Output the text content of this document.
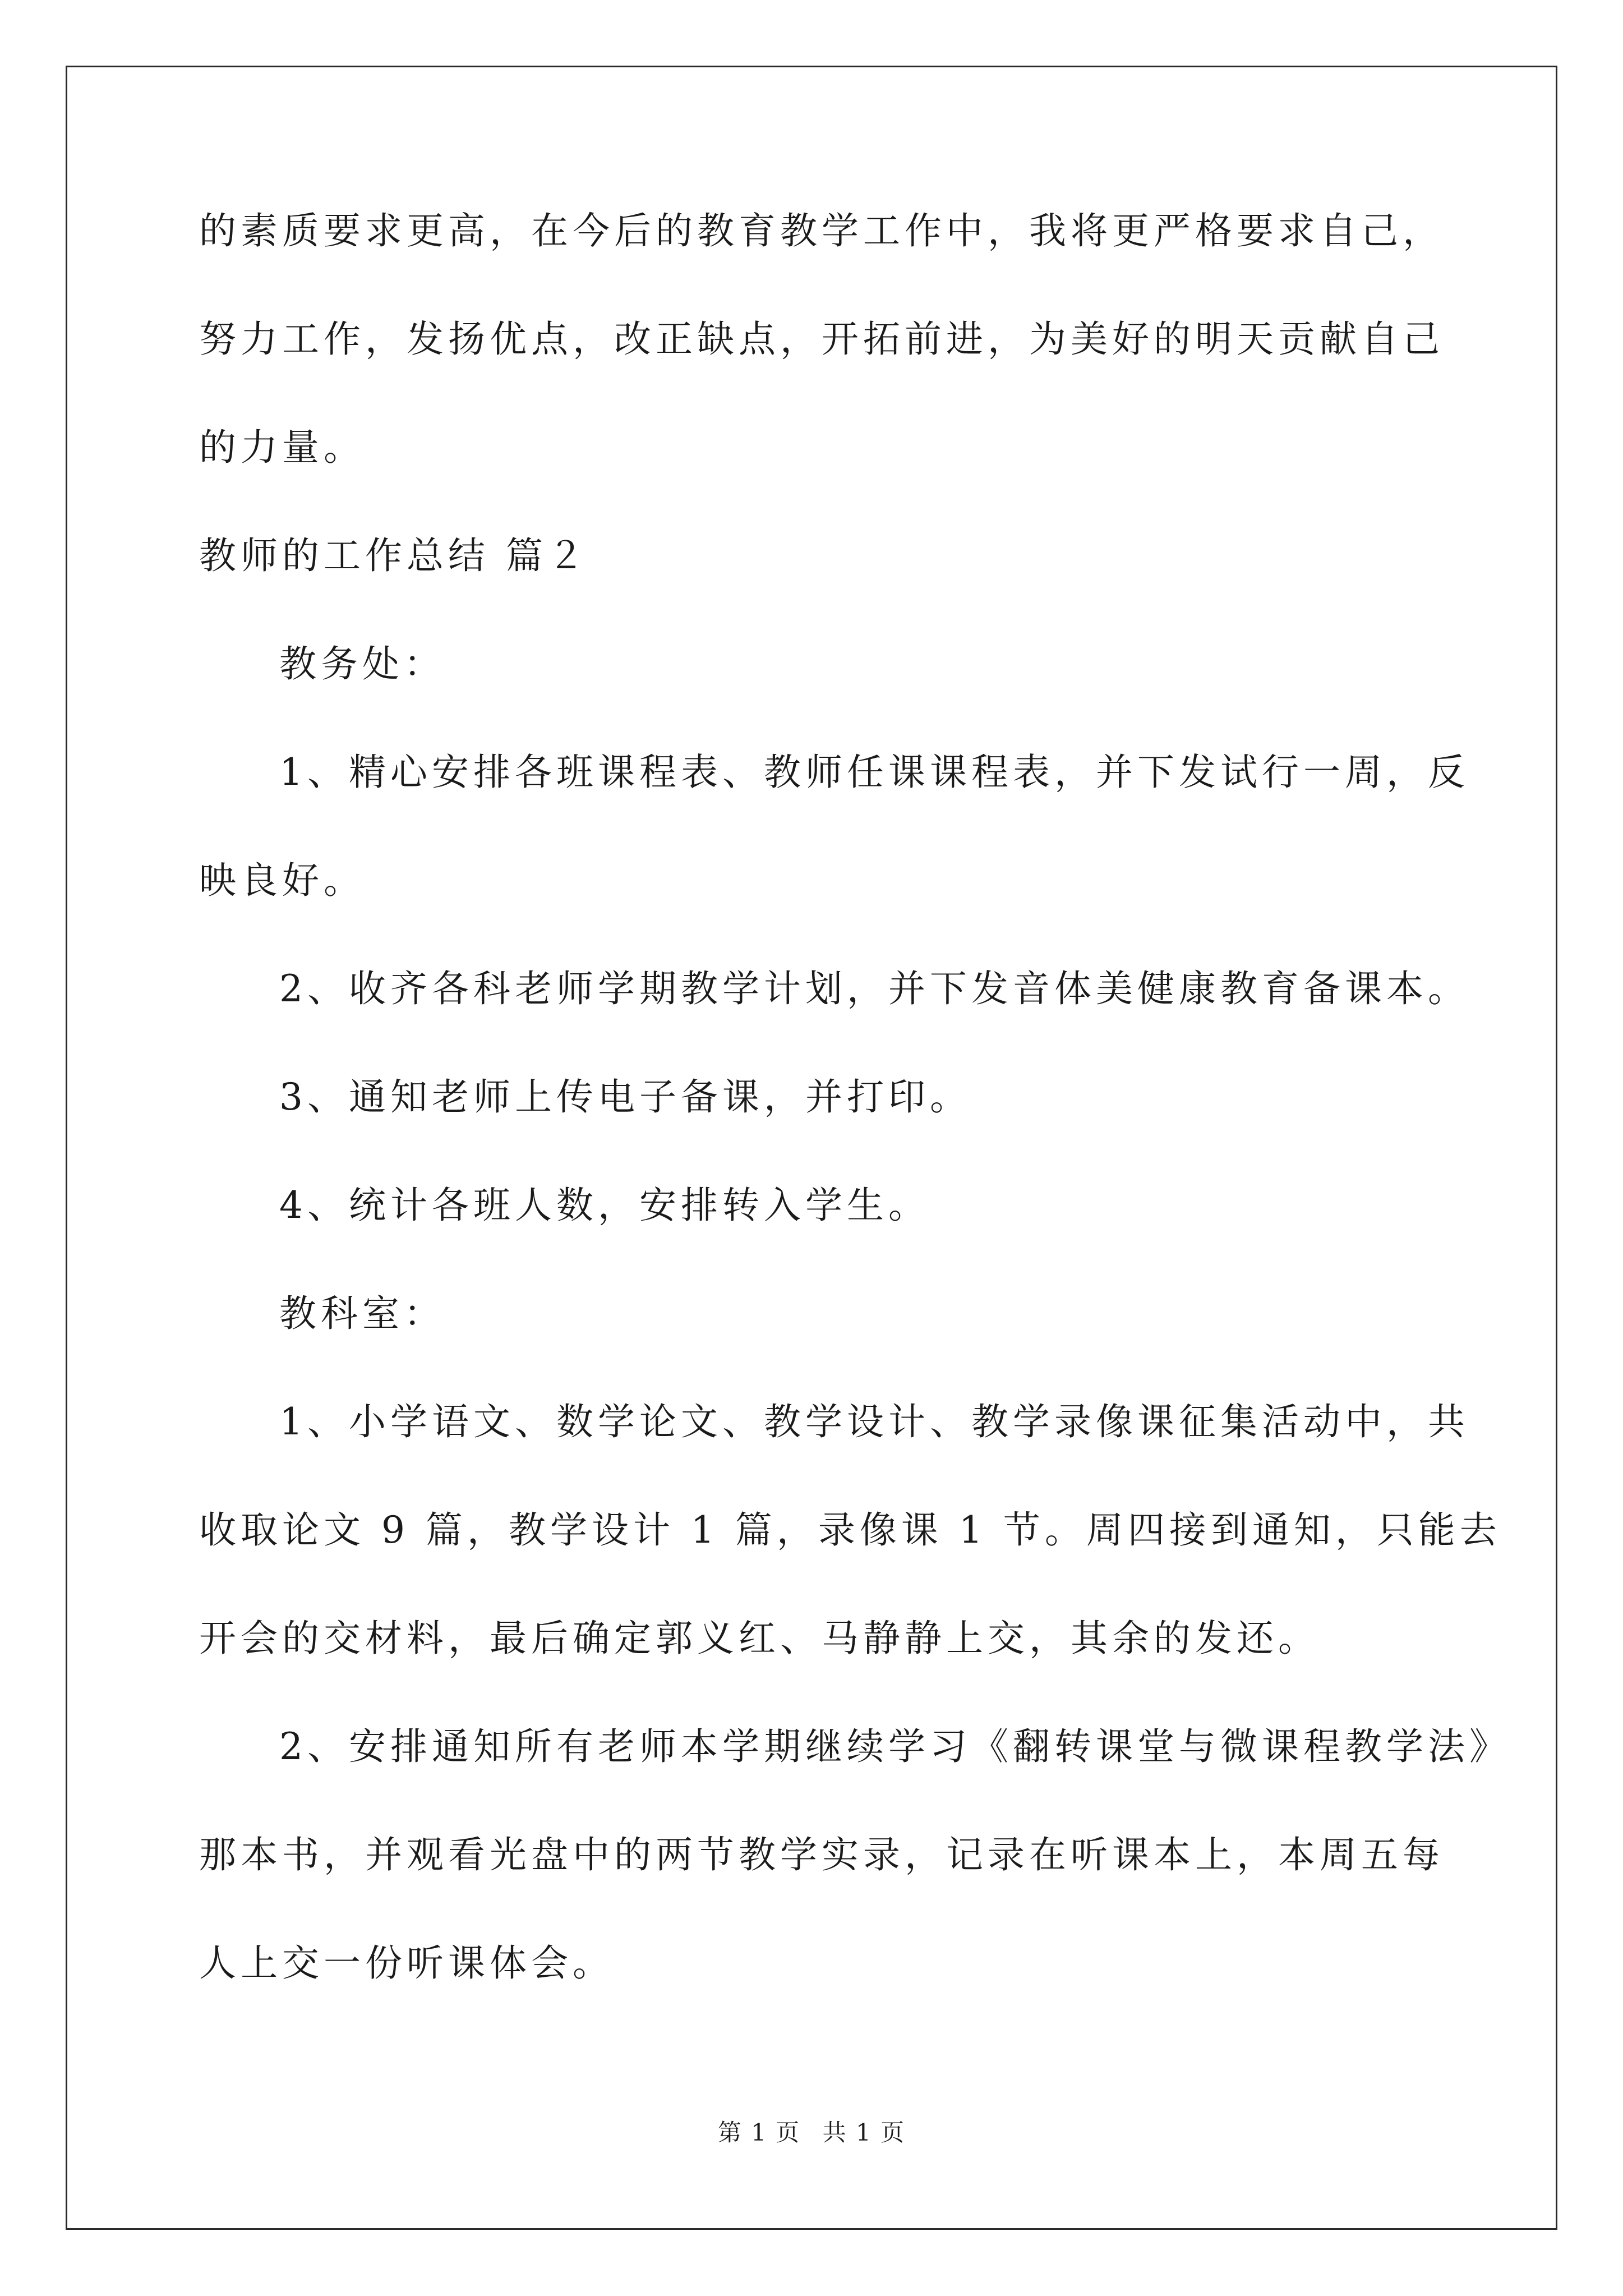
的素质要求更高，在今后的教育教学工作中，我将更严格要求自己，
努力工作，发扬优点，改正缺点，开拓前进，为美好的明天贡献自己
的力量。
教师的工作总结 篇２
教务处：
1、精心安排各班课程表、教师任课课程表，并下发试行一周，反
映良好。
2、收齐各科老师学期教学计划，并下发音体美健康教育备课本。
3、通知老师上传电子备课，并打印。
4、统计各班人数，安排转入学生。
教科室：
1、小学语文、数学论文、教学设计、教学录像课征集活动中，共
收取论文 9 篇，教学设计 1 篇，录像课 1 节。周四接到通知，只能去
开会的交材料，最后确定郭义红、马静静上交，其余的发还。
2、安排通知所有老师本学期继续学习《翻转课堂与微课程教学法》
那本书，并观看光盘中的两节教学实录，记录在听课本上，本周五每
人上交一份听课体会。
第 1 页 共 1 页
